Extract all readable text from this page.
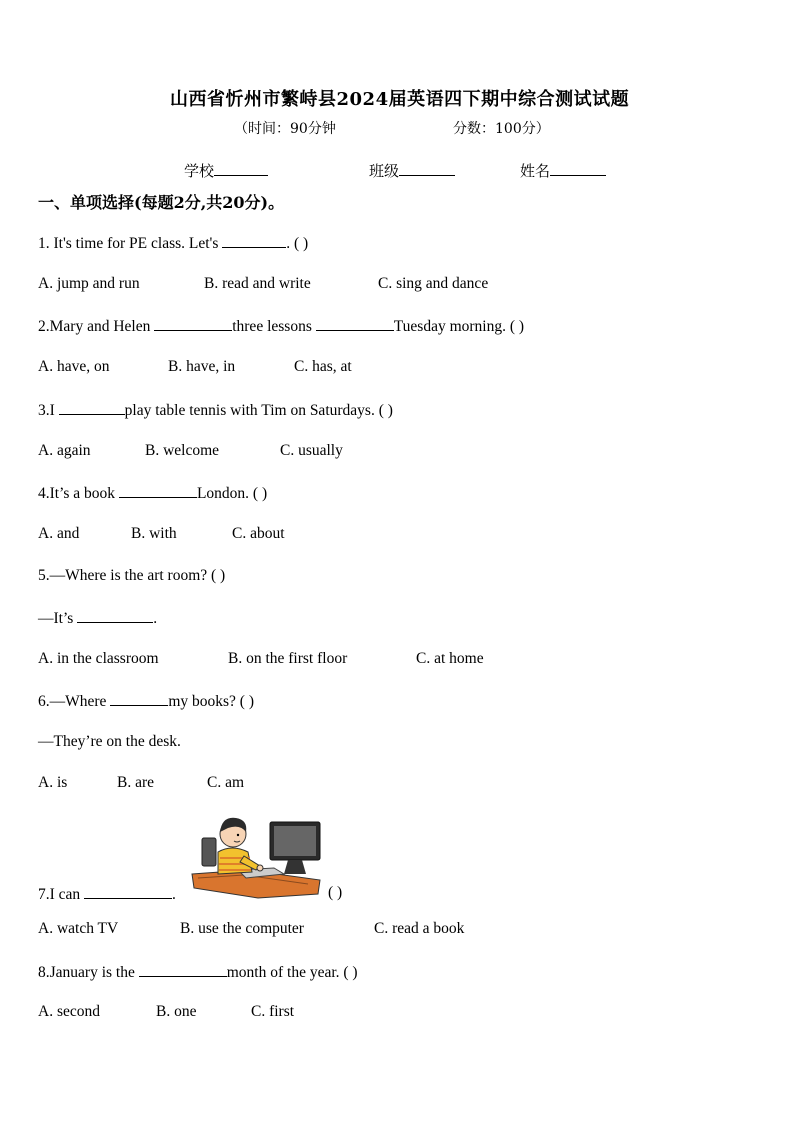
山西省忻州市繁峙县2024届英语四下期中综合测试试题
（时间：90分钟	分数：100分）
学校	班级	姓名
一、单项选择(每题2分,共20分)。
1. It's time for PE class. Let's	. ( )
A. jump and run	B. read and write	C. sing and dance
2.Mary and Helen	three lessons	Tuesday morning. ( )
A. have, on	B. have, in	C. has, at
3.I	play table tennis with Tim on Saturdays. ( )
A. again	B. welcome	C. usually
4.It’s a book	London. ( )
A. and	B. with	C. about
5.—Where is the art room? ( )
—It’s	.
A. in the classroom	B. on the first floor	C. at home
6.—Where	my books? ( )
—They’re on the desk.
A. is	B. are	C. am
7.I can	.	( )
A. watch TV	B. use the computer	C. read a book
8.January is the	month of the year. ( )
A. second	B. one	C. first
